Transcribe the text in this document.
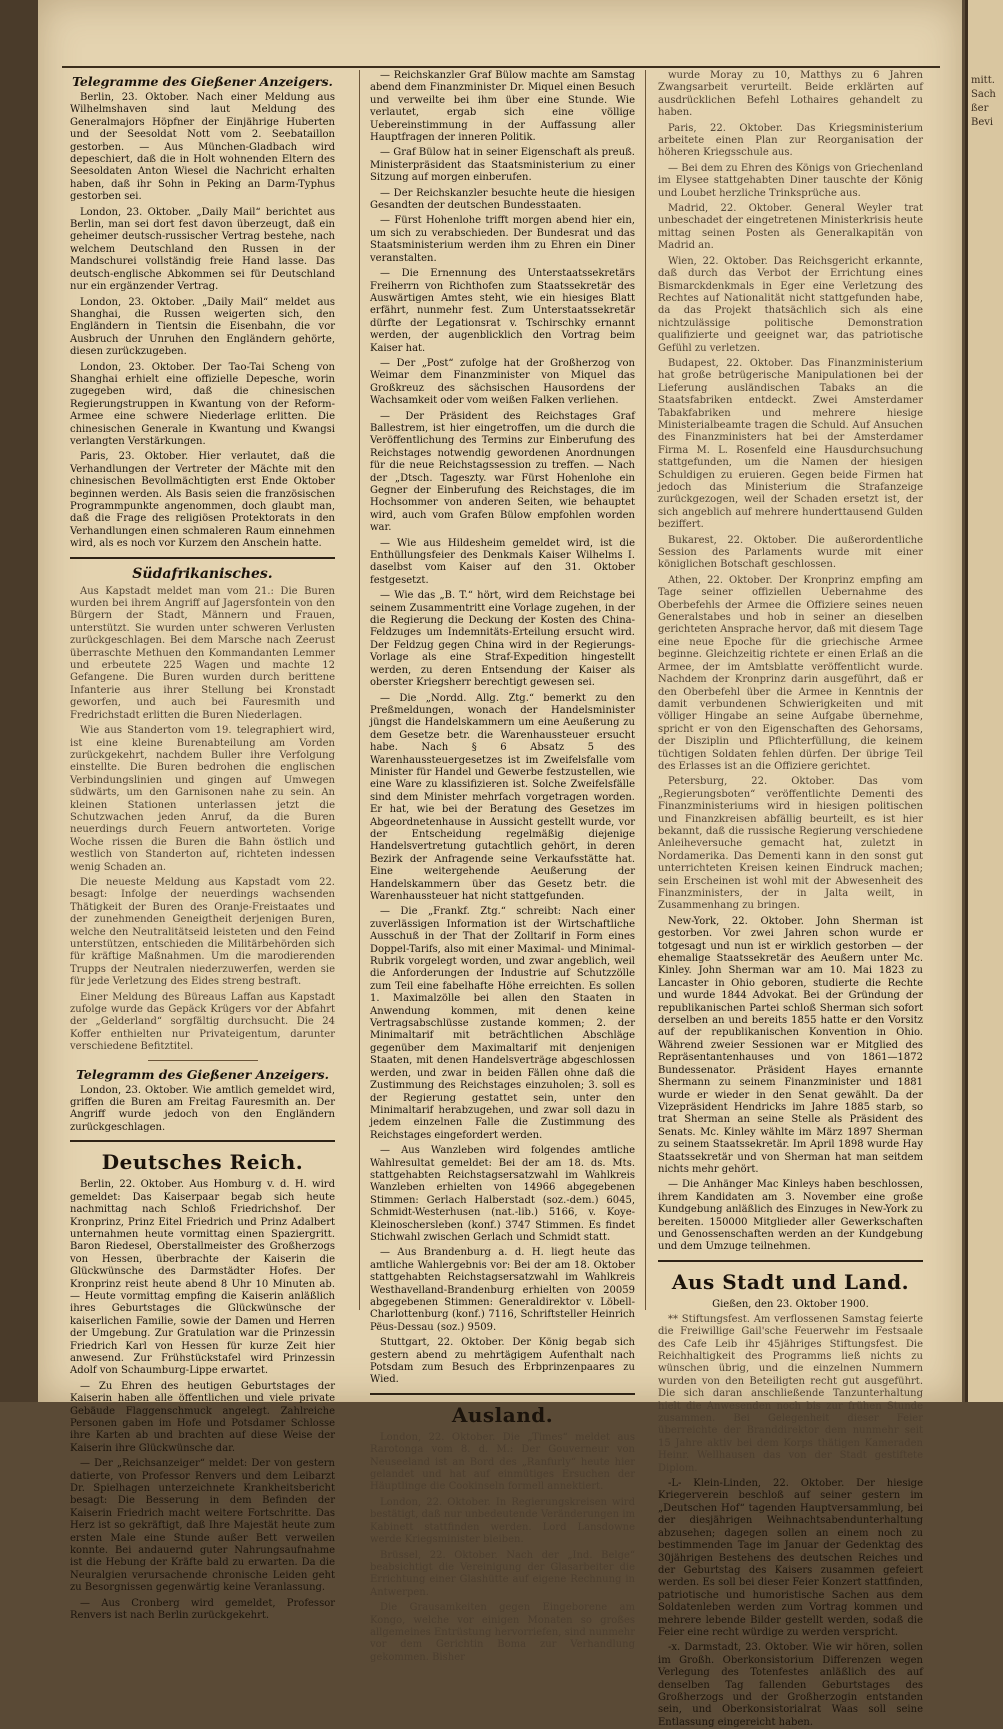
mitt.
Sach
ßer
Bevi
Telegramme des Gießener Anzeigers.

Berlin, 23. Oktober. Nach einer Meldung aus Wilhelmshaven sind laut Meldung des Generalmajors Höpfner der Einjährige Huberten und der Seesoldat Nott vom 2. Seebataillon gestorben. — Aus München-Gladbach wird depeschiert, daß die in Holt wohnenden Eltern des Seesoldaten Anton Wiesel die Nachricht erhalten haben, daß ihr Sohn in Peking an Darm-Typhus gestorben sei.

London, 23. Oktober. „Daily Mail“ berichtet aus Berlin, man sei dort fest davon überzeugt, daß ein geheimer deutsch-russischer Vertrag bestehe, nach welchem Deutschland den Russen in der Mandschurei vollständig freie Hand lasse. Das deutsch-englische Abkommen sei für Deutschland nur ein ergänzender Vertrag.

London, 23. Oktober. „Daily Mail“ meldet aus Shanghai, die Russen weigerten sich, den Engländern in Tientsin die Eisenbahn, die vor Ausbruch der Unruhen den Engländern gehörte, diesen zurückzugeben.

London, 23. Oktober. Der Tao-Tai Scheng von Shanghai erhielt eine offizielle Depesche, worin zugegeben wird, daß die chinesischen Regierungstruppen in Kwantung von der Reform-Armee eine schwere Niederlage erlitten. Die chinesischen Generale in Kwantung und Kwangsi verlangten Verstärkungen.

Paris, 23. Oktober. Hier verlautet, daß die Verhandlungen der Vertreter der Mächte mit den chinesischen Bevollmächtigten erst Ende Oktober beginnen werden. Als Basis seien die französischen Programmpunkte angenommen, doch glaubt man, daß die Frage des religiösen Protektorats in den Verhandlungen einen schmaleren Raum einnehmen wird, als es noch vor Kurzem den Anschein hatte.

Südafrikanisches.

Aus Kapstadt meldet man vom 21.: Die Buren wurden bei ihrem Angriff auf Jagersfontein von den Bürgern der Stadt, Männern und Frauen, unterstützt. Sie wurden unter schweren Verlusten zurückgeschlagen. Bei dem Marsche nach Zeerust überraschte Methuen den Kommandanten Lemmer und erbeutete 225 Wagen und machte 12 Gefangene. Die Buren wurden durch berittene Infanterie aus ihrer Stellung bei Kronstadt geworfen, und auch bei Fauresmith und Fredrichstadt erlitten die Buren Niederlagen.

Wie aus Standerton vom 19. telegraphiert wird, ist eine kleine Burenabteilung am Vorden zurückgekehrt, nachdem Buller ihre Verfolgung einstellte. Die Buren bedrohen die englischen Verbindungslinien und gingen auf Umwegen südwärts, um den Garnisonen nahe zu sein. An kleinen Stationen unterlassen jetzt die Schutzwachen jeden Anruf, da die Buren neuerdings durch Feuern antworteten. Vorige Woche rissen die Buren die Bahn östlich und westlich von Standerton auf, richteten indessen wenig Schaden an.

Die neueste Meldung aus Kapstadt vom 22. besagt: Infolge der neuerdings wachsenden Thätigkeit der Buren des Oranje-Freistaates und der zunehmenden Geneigtheit derjenigen Buren, welche den Neutralitätseid leisteten und den Feind unterstützen, entschieden die Militärbehörden sich für kräftige Maßnahmen. Um die marodierenden Trupps der Neutralen niederzuwerfen, werden sie für jede Verletzung des Eides streng bestraft.

Einer Meldung des Büreaus Laffan aus Kapstadt zufolge wurde das Gepäck Krügers vor der Abfahrt der „Gelderland“ sorgfältig durchsucht. Die 24 Koffer enthielten nur Privateigentum, darunter verschiedene Befitztitel.

Telegramm des Gießener Anzeigers.

London, 23. Oktober. Wie amtlich gemeldet wird, griffen die Buren am Freitag Fauresmith an. Der Angriff wurde jedoch von den Engländern zurückgeschlagen.

Deutsches Reich.

Berlin, 22. Oktober. Aus Homburg v. d. H. wird gemeldet: Das Kaiserpaar begab sich heute nachmittag nach Schloß Friedrichshof. Der Kronprinz, Prinz Eitel Friedrich und Prinz Adalbert unternahmen heute vormittag einen Spaziergritt. Baron Riedesel, Oberstallmeister des Großherzogs von Hessen, überbrachte der Kaiserin die Glückwünsche des Darmstädter Hofes. Der Kronprinz reist heute abend 8 Uhr 10 Minuten ab. — Heute vormittag empfing die Kaiserin anläßlich ihres Geburtstages die Glückwünsche der kaiserlichen Familie, sowie der Damen und Herren der Umgebung. Zur Gratulation war die Prinzessin Friedrich Karl von Hessen für kurze Zeit hier anwesend. Zur Frühstückstafel wird Prinzessin Adolf von Schaumburg-Lippe erwartet.

— Zu Ehren des heutigen Geburtstages der Kaiserin haben alle öffentlichen und viele private Gebäude Flaggenschmuck angelegt. Zahlreiche Personen gaben im Hofe und Potsdamer Schlosse ihre Karten ab und brachten auf diese Weise der Kaiserin ihre Glückwünsche dar.

— Der „Reichsanzeiger“ meldet: Der von gestern datierte, von Professor Renvers und dem Leibarzt Dr. Spielhagen unterzeichnete Krankheitsbericht besagt: Die Besserung in dem Befinden der Kaiserin Friedrich macht weitere Fortschritte. Das Herz ist so gekräftigt, daß Ihre Majestät heute zum ersten Male eine Stunde außer Bett verweilen konnte. Bei andauernd guter Nahrungsaufnahme ist die Hebung der Kräfte bald zu erwarten. Da die Neuralgien verursachende chronische Leiden geht zu Besorgnissen gegenwärtig keine Veranlassung.

— Aus Cronberg wird gemeldet, Professor Renvers ist nach Berlin zurückgekehrt.

— Reichskanzler Graf Bülow machte am Samstag abend dem Finanzminister Dr. Miquel einen Besuch und verweilte bei ihm über eine Stunde. Wie verlautet, ergab sich eine völlige Uebereinstimmung in der Auffassung aller Hauptfragen der inneren Politik.

— Graf Bülow hat in seiner Eigenschaft als preuß. Ministerpräsident das Staatsministerium zu einer Sitzung auf morgen einberufen.

— Der Reichskanzler besuchte heute die hiesigen Gesandten der deutschen Bundesstaaten.

— Fürst Hohenlohe trifft morgen abend hier ein, um sich zu verabschieden. Der Bundesrat und das Staatsministerium werden ihm zu Ehren ein Diner veranstalten.

— Die Ernennung des Unterstaatssekretärs Freiherrn von Richthofen zum Staatssekretär des Auswärtigen Amtes steht, wie ein hiesiges Blatt erfährt, nunmehr fest. Zum Unterstaatssekretär dürfte der Legationsrat v. Tschirschky ernannt werden, der augenblicklich den Vortrag beim Kaiser hat.

— Der „Post“ zufolge hat der Großherzog von Weimar dem Finanzminister von Miquel das Großkreuz des sächsischen Hausordens der Wachsamkeit oder vom weißen Falken verliehen.

— Der Präsident des Reichstages Graf Ballestrem, ist hier eingetroffen, um die durch die Veröffentlichung des Termins zur Einberufung des Reichstages notwendig gewordenen Anordnungen für die neue Reichstagssession zu treffen. — Nach der „Dtsch. Tageszty. war Fürst Hohenlohe ein Gegner der Einberufung des Reichstages, die im Hochsommer von anderen Seiten, wie behauptet wird, auch vom Grafen Bülow empfohlen worden war.

— Wie aus Hildesheim gemeldet wird, ist die Enthüllungsfeier des Denkmals Kaiser Wilhelms I. daselbst vom Kaiser auf den 31. Oktober festgesetzt.

— Wie das „B. T.“ hört, wird dem Reichstage bei seinem Zusammentritt eine Vorlage zugehen, in der die Regierung die Deckung der Kosten des China-Feldzuges um Indemnitäts-Erteilung ersucht wird. Der Feldzug gegen China wird in der Regierungs-Vorlage als eine Straf-Expedition hingestellt werden, zu deren Entsendung der Kaiser als oberster Kriegsherr berechtigt gewesen sei.

— Die „Nordd. Allg. Ztg.“ bemerkt zu den Preßmeldungen, wonach der Handelsminister jüngst die Handelskammern um eine Aeußerung zu dem Gesetze betr. die Warenhaussteuer ersucht habe. Nach § 6 Absatz 5 des Warenhaussteuergesetzes ist im Zweifelsfalle vom Minister für Handel und Gewerbe festzustellen, wie eine Ware zu klassifizieren ist. Solche Zweifelsfälle sind dem Minister mehrfach vorgetragen worden. Er hat, wie bei der Beratung des Gesetzes im Abgeordnetenhause in Aussicht gestellt wurde, vor der Entscheidung regelmäßig diejenige Handelsvertretung gutachtlich gehört, in deren Bezirk der Anfragende seine Verkaufsstätte hat. Eine weitergehende Aeußerung der Handelskammern über das Gesetz betr. die Warenhaussteuer hat nicht stattgefunden.

— Die „Frankf. Ztg.“ schreibt: Nach einer zuverlässigen Information ist der Wirtschaftliche Ausschuß in der That der Zolltarif in Form eines Doppel-Tarifs, also mit einer Maximal- und Minimal-Rubrik vorgelegt worden, und zwar angeblich, weil die Anforderungen der Industrie auf Schutzzölle zum Teil eine fabelhafte Höhe erreichten. Es sollen 1. Maximalzölle bei allen den Staaten in Anwendung kommen, mit denen keine Vertragsabschlüsse zustande kommen; 2. der Minimaltarif mit beträchtlichen Abschläge gegenüber dem Maximaltarif mit denjenigen Staaten, mit denen Handelsverträge abgeschlossen werden, und zwar in beiden Fällen ohne daß die Zustimmung des Reichstages einzuholen; 3. soll es der Regierung gestattet sein, unter den Minimaltarif herabzugehen, und zwar soll dazu in jedem einzelnen Falle die Zustimmung des Reichstages eingefordert werden.

— Aus Wanzleben wird folgendes amtliche Wahlresultat gemeldet: Bei der am 18. ds. Mts. stattgehabten Reichstagsersatzwahl im Wahlkreis Wanzleben erhielten von 14966 abgegebenen Stimmen: Gerlach Halberstadt (soz.-dem.) 6045, Schmidt-Westerhusen (nat.-lib.) 5166, v. Koye-Kleinoschersleben (konf.) 3747 Stimmen. Es findet Stichwahl zwischen Gerlach und Schmidt statt.

— Aus Brandenburg a. d. H. liegt heute das amtliche Wahlergebnis vor: Bei der am 18. Oktober stattgehabten Reichstagsersatzwahl im Wahlkreis Westhavelland-Brandenburg erhielten von 20059 abgegebenen Stimmen: Generaldirektor v. Löbell-Charlottenburg (konf.) 7116, Schriftsteller Heinrich Pëus-Dessau (soz.) 9509.

Stuttgart, 22. Oktober. Der König begab sich gestern abend zu mehrtägigem Aufenthalt nach Potsdam zum Besuch des Erbprinzenpaares zu Wied.

Ausland.

London, 22. Oktober. Die „Times“ meldet aus Rarotonga vom 8. d. M.: Der Gouverneur von Neuseeland ist an Bord des „Ranfurly“ heute hier gelandet und hat auf einmütiges Ersuchen der Häuptlinge die Cookinseln formell annektiert.

London, 22. Oktober. In Regierungskreisen wird bestätigt, daß nur unbedeutende Veränderungen im Kabinett stattfinden werden. Lord Lansdowne werde Kriegsminister bleiben.

Brüssel, 22. Oktober. Nach der „Ind. Belge“ beabsichtigt die Vereinigung der Glasarbeiter die Errichtung einer Glashütte auf eigene Rechnung in Antwerpen.

Die Grausamkeiten gegen Eingeborene am Kongo, welche vor einigen Monaten so großes allgemeines Entrüstung hervorriefen, sind nunmehr vor dem Gerichtin Boma zur Verhandlung gekommen. Bisher

wurde Moray zu 10, Matthys zu 6 Jahren Zwangsarbeit verurteilt. Beide erklärten auf ausdrücklichen Befehl Lothaires gehandelt zu haben.

Paris, 22. Oktober. Das Kriegsministerium arbeitete einen Plan zur Reorganisation der höheren Kriegsschule aus.

— Bei dem zu Ehren des Königs von Griechenland im Elysee stattgehabten Diner tauschte der König und Loubet herzliche Trinksprüche aus.

Madrid, 22. Oktober. General Weyler trat unbeschadet der eingetretenen Ministerkrisis heute mittag seinen Posten als Generalkapitän von Madrid an.

Wien, 22. Oktober. Das Reichsgericht erkannte, daß durch das Verbot der Errichtung eines Bismarckdenkmals in Eger eine Verletzung des Rechtes auf Nationalität nicht stattgefunden habe, da das Projekt thatsächlich sich als eine nichtzulässige politische Demonstration qualifizierte und geeignet war, das patriotische Gefühl zu verletzen.

Budapest, 22. Oktober. Das Finanzministerium hat große betrügerische Manipulationen bei der Lieferung ausländischen Tabaks an die Staatsfabriken entdeckt. Zwei Amsterdamer Tabakfabriken und mehrere hiesige Ministerialbeamte tragen die Schuld. Auf Ansuchen des Finanzministers hat bei der Amsterdamer Firma M. L. Rosenfeld eine Hausdurchsuchung stattgefunden, um die Namen der hiesigen Schuldigen zu eruieren. Gegen beide Firmen hat jedoch das Ministerium die Strafanzeige zurückgezogen, weil der Schaden ersetzt ist, der sich angeblich auf mehrere hunderttausend Gulden beziffert.

Bukarest, 22. Oktober. Die außerordentliche Session des Parlaments wurde mit einer königlichen Botschaft geschlossen.

Athen, 22. Oktober. Der Kronprinz empfing am Tage seiner offiziellen Uebernahme des Oberbefehls der Armee die Offiziere seines neuen Generalstabes und hob in seiner an dieselben gerichteten Ansprache hervor, daß mit diesem Tage eine neue Epoche für die griechische Armee beginne. Gleichzeitig richtete er einen Erlaß an die Armee, der im Amtsblatte veröffentlicht wurde. Nachdem der Kronprinz darin ausgeführt, daß er den Oberbefehl über die Armee in Kenntnis der damit verbundenen Schwierigkeiten und mit völliger Hingabe an seine Aufgabe übernehme, spricht er von den Eigenschaften des Gehorsams, der Disziplin und Pflichterfüllung, die keinem tüchtigen Soldaten fehlen dürfen. Der übrige Teil des Erlasses ist an die Offiziere gerichtet.

Petersburg, 22. Oktober. Das vom „Regierungsboten“ veröffentlichte Dementi des Finanzministeriums wird in hiesigen politischen und Finanzkreisen abfällig beurteilt, es ist hier bekannt, daß die russische Regierung verschiedene Anleiheversuche gemacht hat, zuletzt in Nordamerika. Das Dementi kann in den sonst gut unterrichteten Kreisen keinen Eindruck machen; sein Erscheinen ist wohl mit der Abwesenheit des Finanzministers, der in Jalta weilt, in Zusammenhang zu bringen.

New-York, 22. Oktober. John Sherman ist gestorben. Vor zwei Jahren schon wurde er totgesagt und nun ist er wirklich gestorben — der ehemalige Staatssekretär des Aeußern unter Mc. Kinley. John Sherman war am 10. Mai 1823 zu Lancaster in Ohio geboren, studierte die Rechte und wurde 1844 Advokat. Bei der Gründung der republikanischen Partei schloß Sherman sich sofort derselben an und bereits 1855 hatte er den Vorsitz auf der republikanischen Konvention in Ohio. Während zweier Sessionen war er Mitglied des Repräsentantenhauses und von 1861—1872 Bundessenator. Präsident Hayes ernannte Shermann zu seinem Finanzminister und 1881 wurde er wieder in den Senat gewählt. Da der Vizepräsident Hendricks im Jahre 1885 starb, so trat Sherman an seine Stelle als Präsident des Senats. Mc. Kinley wählte im März 1897 Sherman zu seinem Staatssekretär. Im April 1898 wurde Hay Staatssekretär und von Sherman hat man seitdem nichts mehr gehört.

— Die Anhänger Mac Kinleys haben beschlossen, ihrem Kandidaten am 3. November eine große Kundgebung anläßlich des Einzuges in New-York zu bereiten. 150000 Mitglieder aller Gewerkschaften und Genossenschaften werden an der Kundgebung und dem Umzuge teilnehmen.

Aus Stadt und Land.
Gießen, den 23. Oktober 1900.

** Stiftungsfest. Am verflossenen Samstag feierte die Freiwillige Gail'sche Feuerwehr im Festsaale des Cafe Leib ihr 45jähriges Stiftungsfest. Die Reichhaltigkeit des Programms ließ nichts zu wünschen übrig, und die einzelnen Nummern wurden von den Beteiligten recht gut ausgeführt. Die sich daran anschließende Tanzunterhaltung hielt die Anwesenden noch bis zur frühen Stunde zusammen. Bei Gelegenheit dieser Feier überreichte der Branddirektor dem nunmehr seit 15 Jahre aktiv bei dem Korps thätigen Kameraden Heinr. Wellhausen das von der Stadt gestiftete Diplom.

-L- Klein-Linden, 22. Oktober. Der hiesige Kriegerverein beschloß auf seiner gestern im „Deutschen Hof“ tagenden Hauptversammlung, bei der diesjährigen Weihnachtsabendunterhaltung abzusehen; dagegen sollen an einem noch zu bestimmenden Tage im Januar der Gedenktag des 30jährigen Bestehens des deutschen Reiches und der Geburtstag des Kaisers zusammen gefeiert werden. Es soll bei dieser Feier Konzert stattfinden, patriotische und humoristische Sachen aus dem Soldatenleben werden zum Vortrag kommen und mehrere lebende Bilder gestellt werden, sodaß die Feier eine recht würdige zu werden verspricht.

-x. Darmstadt, 23. Oktober. Wie wir hören, sollen im Großh. Oberkonsistorium Differenzen wegen Verlegung des Totenfestes anläßlich des auf denselben Tag fallenden Geburtstages des Großherzogs und der Großherzogin entstanden sein, und Oberkonsistorialrat Waas soll seine Entlassung eingereicht haben.
